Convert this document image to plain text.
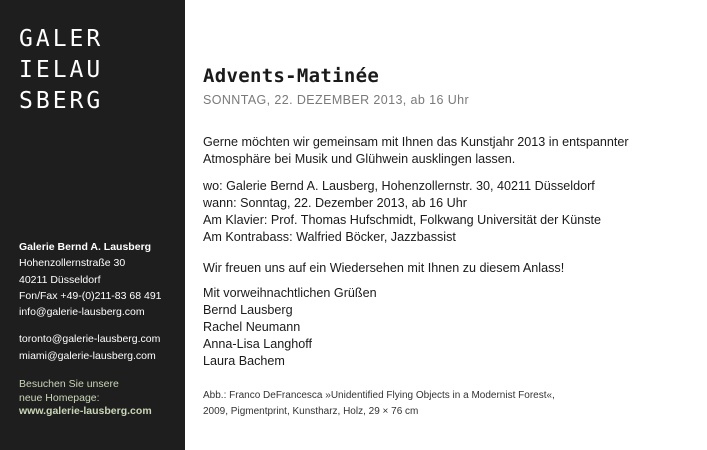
GALER
IELAU
SBERG
Galerie Bernd A. Lausberg
Hohenzollernstraße 30
40211 Düsseldorf
Fon/Fax +49-(0)211-83 68 491
info@galerie-lausberg.com
toronto@galerie-lausberg.com
miami@galerie-lausberg.com
Besuchen Sie unsere
neue Homepage:
www.galerie-lausberg.com
Advents-Matinée
SONNTAG, 22. DEZEMBER 2013, ab 16 Uhr
Gerne möchten wir gemeinsam mit Ihnen das Kunstjahr 2013 in entspannter Atmosphäre bei Musik und Glühwein ausklingen lassen.
wo: Galerie Bernd A. Lausberg, Hohenzollernstr. 30, 40211 Düsseldorf
wann: Sonntag, 22. Dezember 2013, ab 16 Uhr
Am Klavier: Prof. Thomas Hufschmidt, Folkwang Universität der Künste
Am Kontrabass: Walfried Böcker, Jazzbassist
Wir freuen uns auf ein Wiedersehen mit Ihnen zu diesem Anlass!
Mit vorweihnachtlichen Grüßen
Bernd Lausberg
Rachel Neumann
Anna-Lisa Langhoff
Laura Bachem
Abb.: Franco DeFrancesca »Unidentified Flying Objects in a Modernist Forest«,
2009, Pigmentprint, Kunstharz, Holz, 29 × 76 cm
